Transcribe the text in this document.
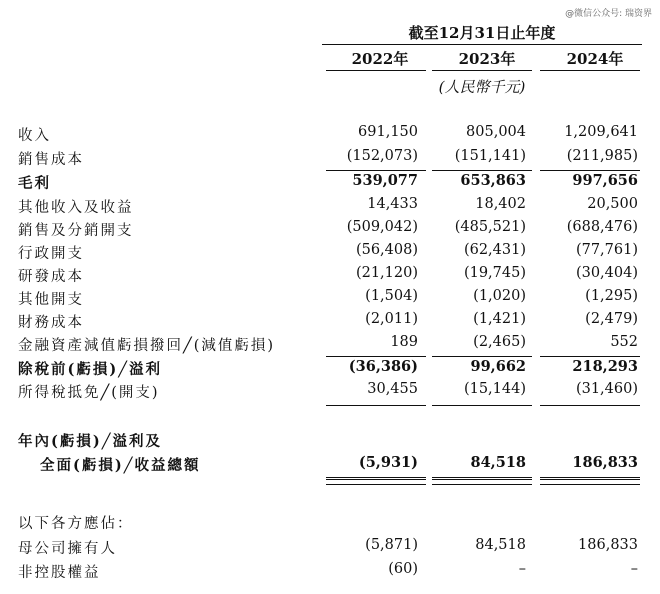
@微信公众号: 瑞资界
截至12月31日止年度
2022年	2023年	2024年
(人民幣千元)
收入	691,150	805,004	1,209,641
銷售成本	(152,073)	(151,141)	(211,985)
毛利	539,077	653,863	997,656
其他收入及收益	14,433	18,402	20,500
銷售及分銷開支	(509,042)	(485,521)	(688,476)
行政開支	(56,408)	(62,431)	(77,761)
研發成本	(21,120)	(19,745)	(30,404)
其他開支	(1,504)	(1,020)	(1,295)
財務成本	(2,011)	(1,421)	(2,479)
金融資產減值虧損撥回╱(減值虧損)	189	(2,465)	552
除稅前(虧損)╱溢利	(36,386)	99,662	218,293
所得稅抵免╱(開支)	30,455	(15,144)	(31,460)
年內(虧損)╱溢利及
全面(虧損)╱收益總額	(5,931)	84,518	186,833
以下各方應佔：
母公司擁有人	(5,871)	84,518	186,833
非控股權益	(60)	–	–
